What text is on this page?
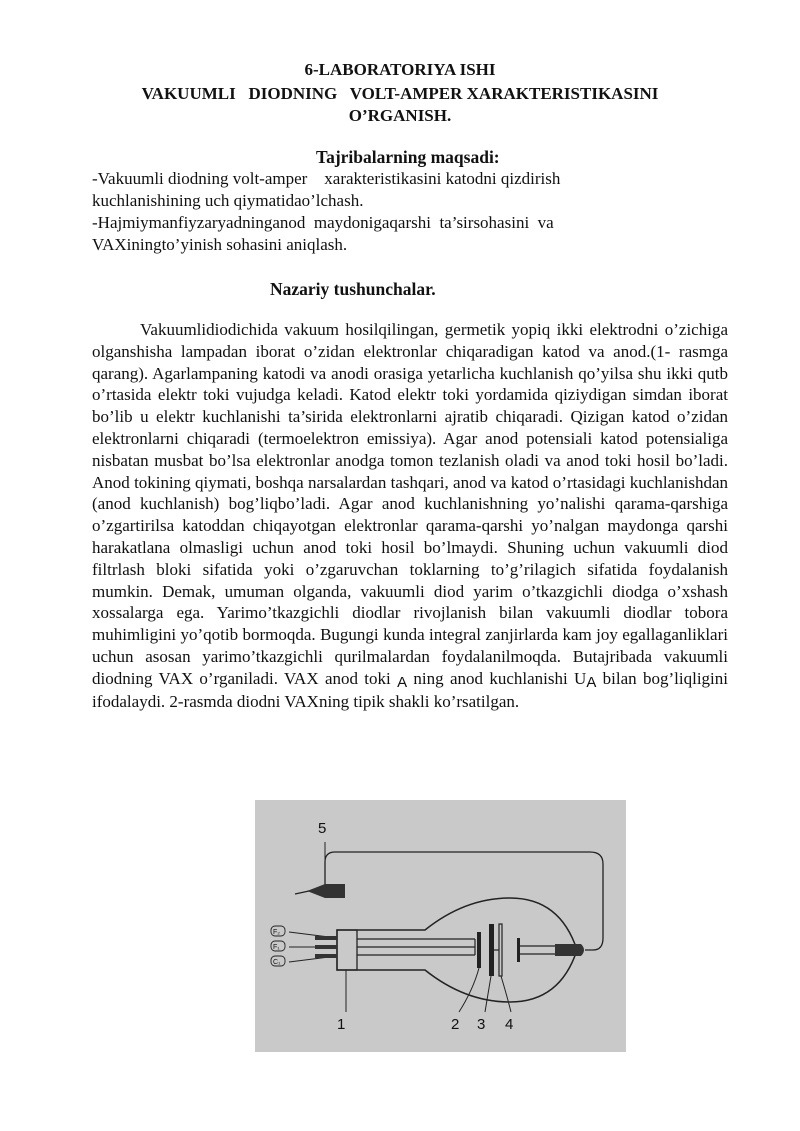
6-LABORATORIYA ISHI
VAKUUMLI   DIODNING   VOLT-AMPER XARAKTERISTIKASINI
O’RGANISH.
Tajribalarning maqsadi:
-Vakuumli diodning volt-amper    xarakteristikasini katodni qizdirish
kuchlanishining uch qiymatidao’lchash.
-Hajmiymanfiyzaryadninganod  maydonigaqarshi  ta’sirsohasini  va
VAXiningto’yinish sohasini aniqlash.
Nazariy tushunchalar.
Vakuumlidiodichida vakuum hosilqilingan, germetik yopiq ikki elektrodni o’zichiga olganshisha lampadan iborat o’zidan elektronlar chiqaradigan katod va anod.(1- rasmga qarang). Agarlampaning katodi va anodi orasiga yetarlicha kuchlanish qo’yilsa shu ikki qutb o’rtasida elektr toki vujudga keladi. Katod elektr toki yordamida qiziydigan simdan iborat bo’lib u elektr kuchlanishi ta’sirida elektronlarni ajratib chiqaradi. Qizigan katod o’zidan elektronlarni chiqaradi (termoelektron emissiya). Agar anod potensiali katod potensialiga nisbatan musbat bo’lsa elektronlar anodga tomon tezlanish oladi va anod toki hosil bo’ladi. Anod tokining qiymati, boshqa narsalardan tashqari, anod va katod o’rtasidagi kuchlanishdan (anod kuchlanish) bog’liqbo’ladi. Agar anod kuchlanishning yo’nalishi qarama-qarshiga o’zgartirilsa katoddan chiqayotgan elektronlar qarama-qarshi yo’nalgan maydonga qarshi harakatlana olmasligi uchun anod toki hosil bo’lmaydi. Shuning uchun vakuumli diod filtrlash bloki sifatida yoki o’zgaruvchan toklarning to’g’rilagich sifatida foydalanish mumkin. Demak, umuman olganda, vakuumli diod yarim o’tkazgichli diodga o’xshash xossalarga ega. Yarimo’tkazgichli diodlar rivojlanish bilan vakuumli diodlar tobora muhimligini yo’qotib bormoqda. Bugungi kunda integral zanjirlarda kam joy egallaganliklari uchun asosan yarimo’tkazgichli qurilmalardan foydalanilmoqda. Butajribada vakuumli diodning VAX o’rganiladi. VAX anod toki A ning anod kuchlanishi UA bilan bog’liqligini ifodalaydi. 2-rasmda diodni VAXning tipik shakli ko’rsatilgan.
F₂
F₁
C₁
1	2 3 4
5
